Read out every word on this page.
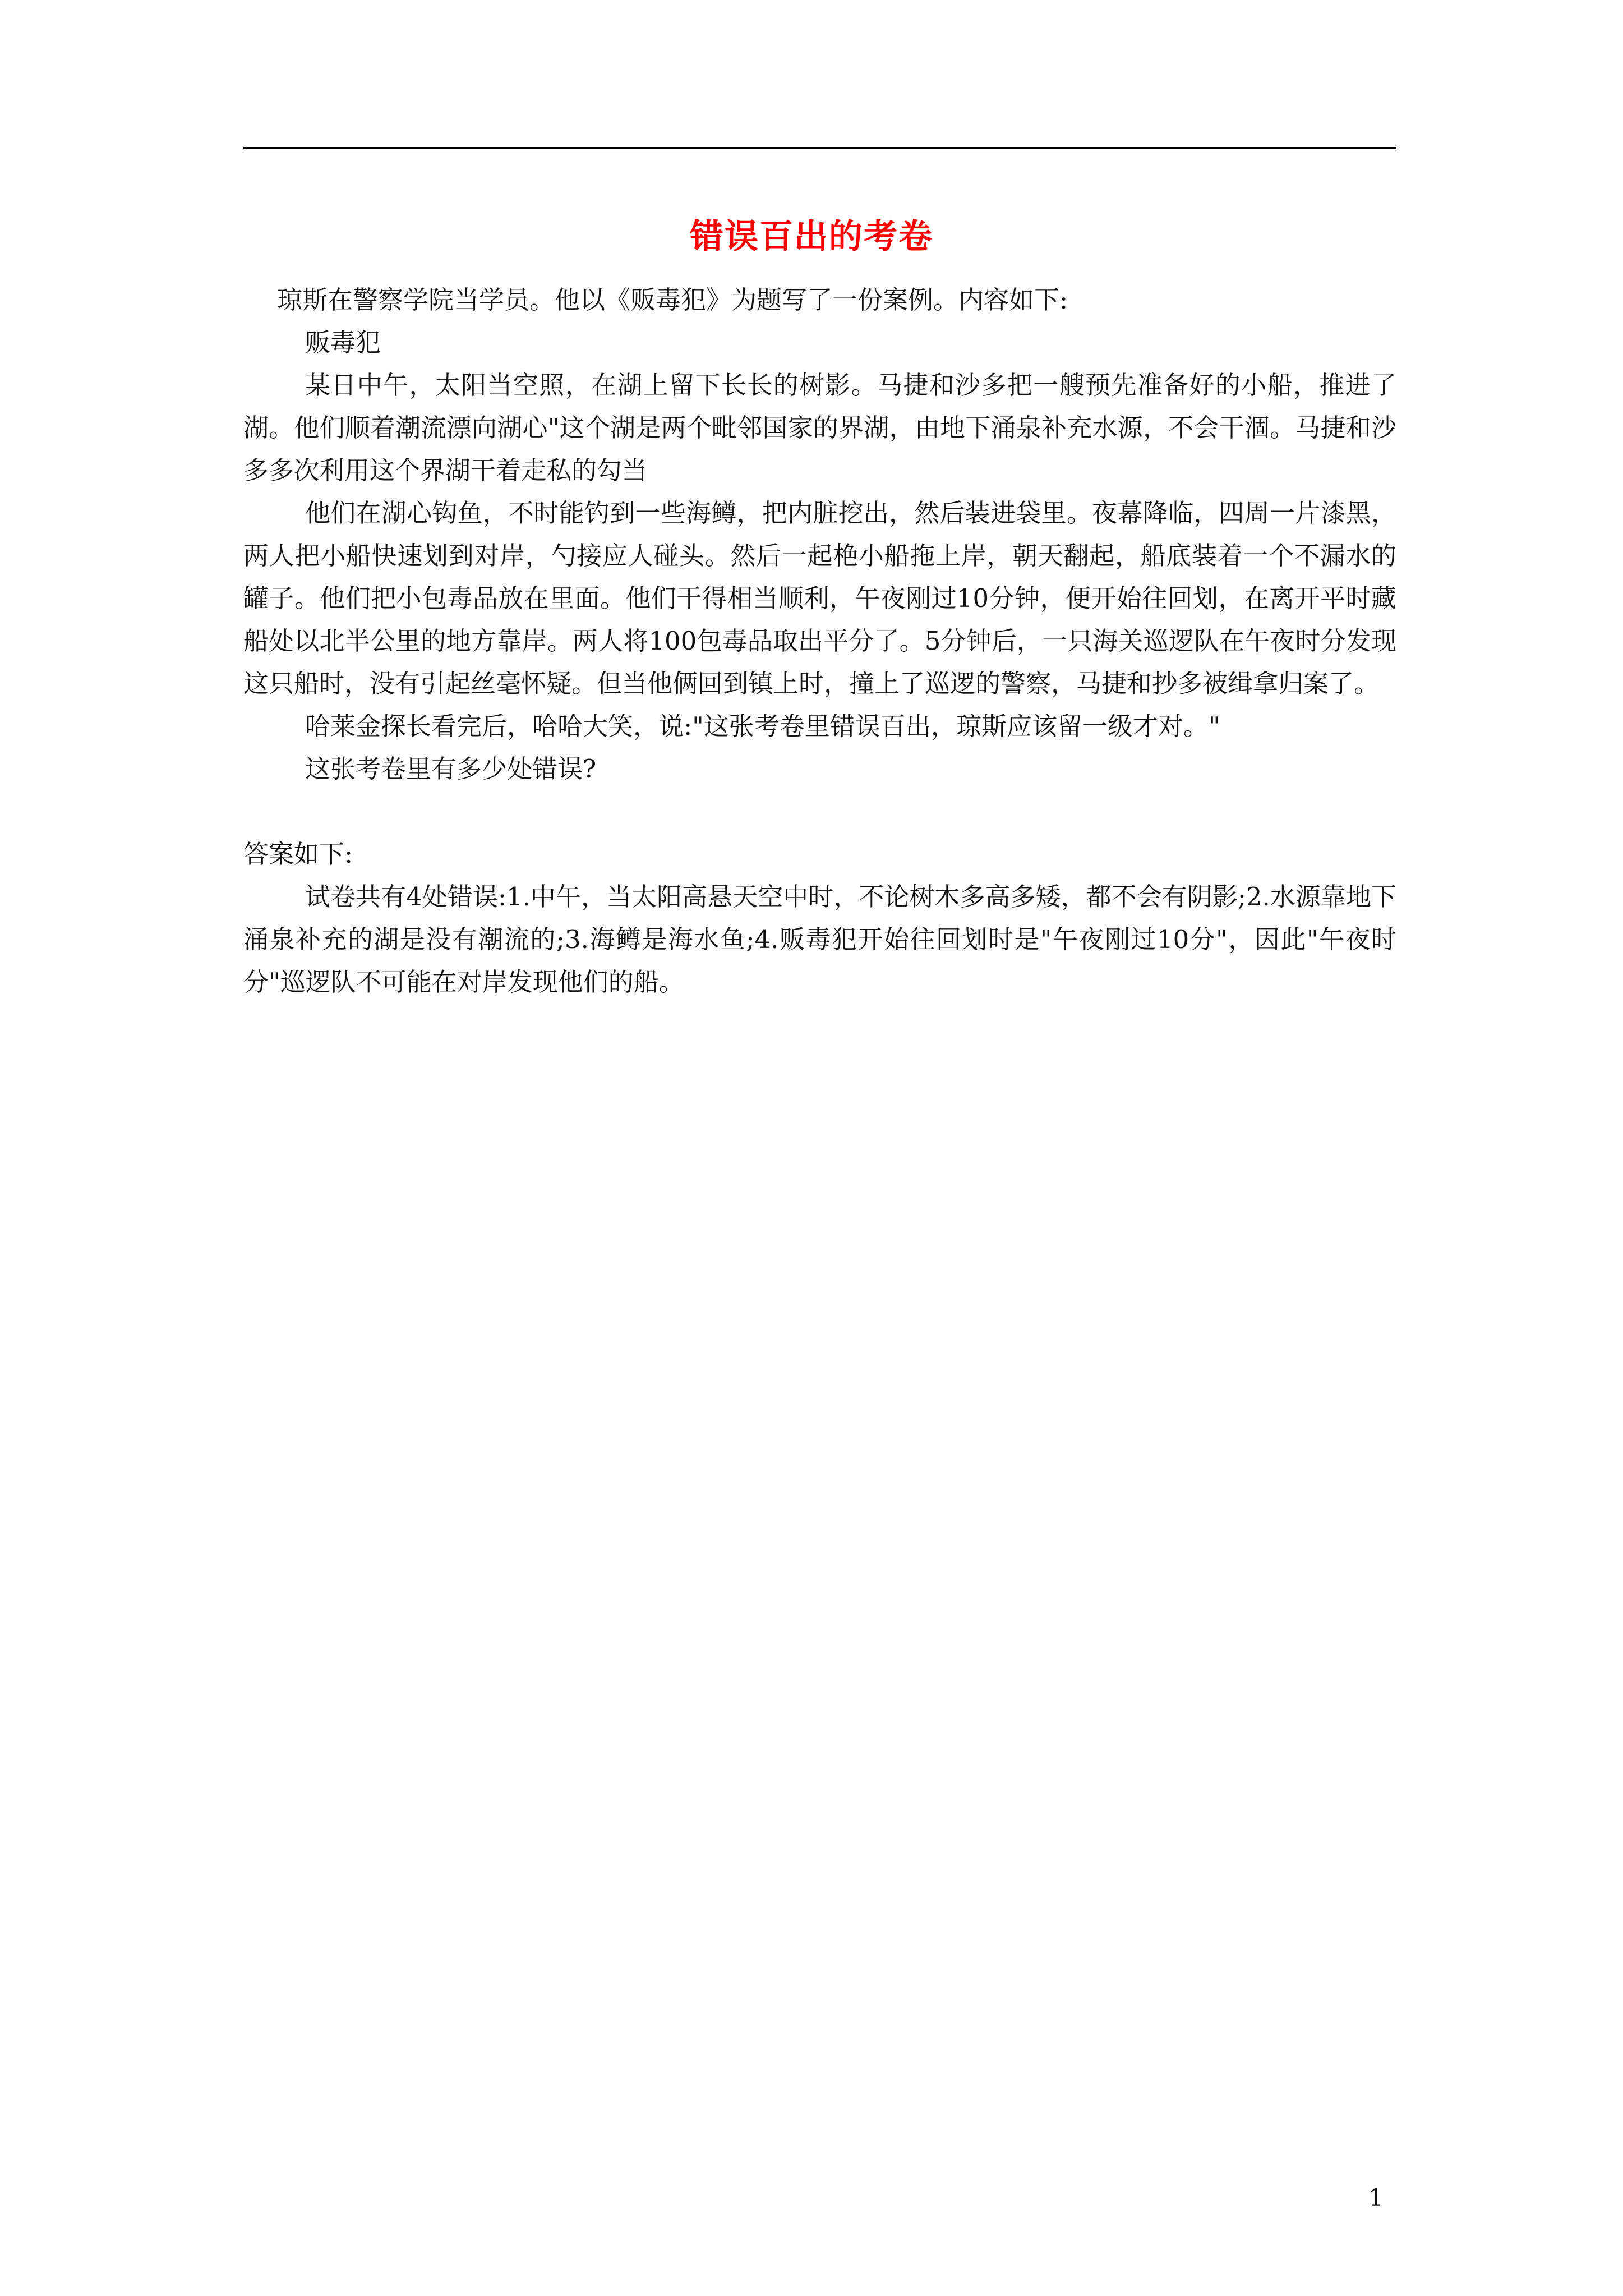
错误百出的考卷

琼斯在警察学院当学员。他以《贩毒犯》为题写了一份案例。内容如下:

贩毒犯

某日中午，太阳当空照，在湖上留下长长的树影。马捷和沙多把一艘预先准备好的小船，推进了湖。他们顺着潮流漂向湖心"这个湖是两个毗邻国家的界湖，由地下涌泉补充水源，不会干涸。马捷和沙多多次利用这个界湖干着走私的勾当

他们在湖心钩鱼，不时能钓到一些海鳟，把内脏挖出，然后装进袋里。夜幕降临，四周一片漆黑，两人把小船快速划到对岸，勺接应人碰头。然后一起栬小船拖上岸，朝天翻起，船底装着一个不漏水的罐子。他们把小包毒品放在里面。他们干得相当顺利，午夜刚过10分钟，便开始往回划，在离开平时藏船处以北半公里的地方靠岸。两人将100包毒品取出平分了。5分钟后，一只海关巡逻队在午夜时分发现这只船时，没有引起丝毫怀疑。但当他俩回到镇上时，撞上了巡逻的警察，马捷和抄多被缉拿归案了。

哈莱金探长看完后，哈哈大笑，说:"这张考卷里错误百出，琼斯应该留一级才对。"

这张考卷里有多少处错误?

答案如下:

试卷共有4处错误:1.中午，当太阳高悬天空中时，不论树木多高多矮，都不会有阴影;2.水源靠地下涌泉补充的湖是没有潮流的;3.海鳟是海水鱼;4.贩毒犯开始往回划时是"午夜刚过10分"，因此"午夜时分"巡逻队不可能在对岸发现他们的船。

1
